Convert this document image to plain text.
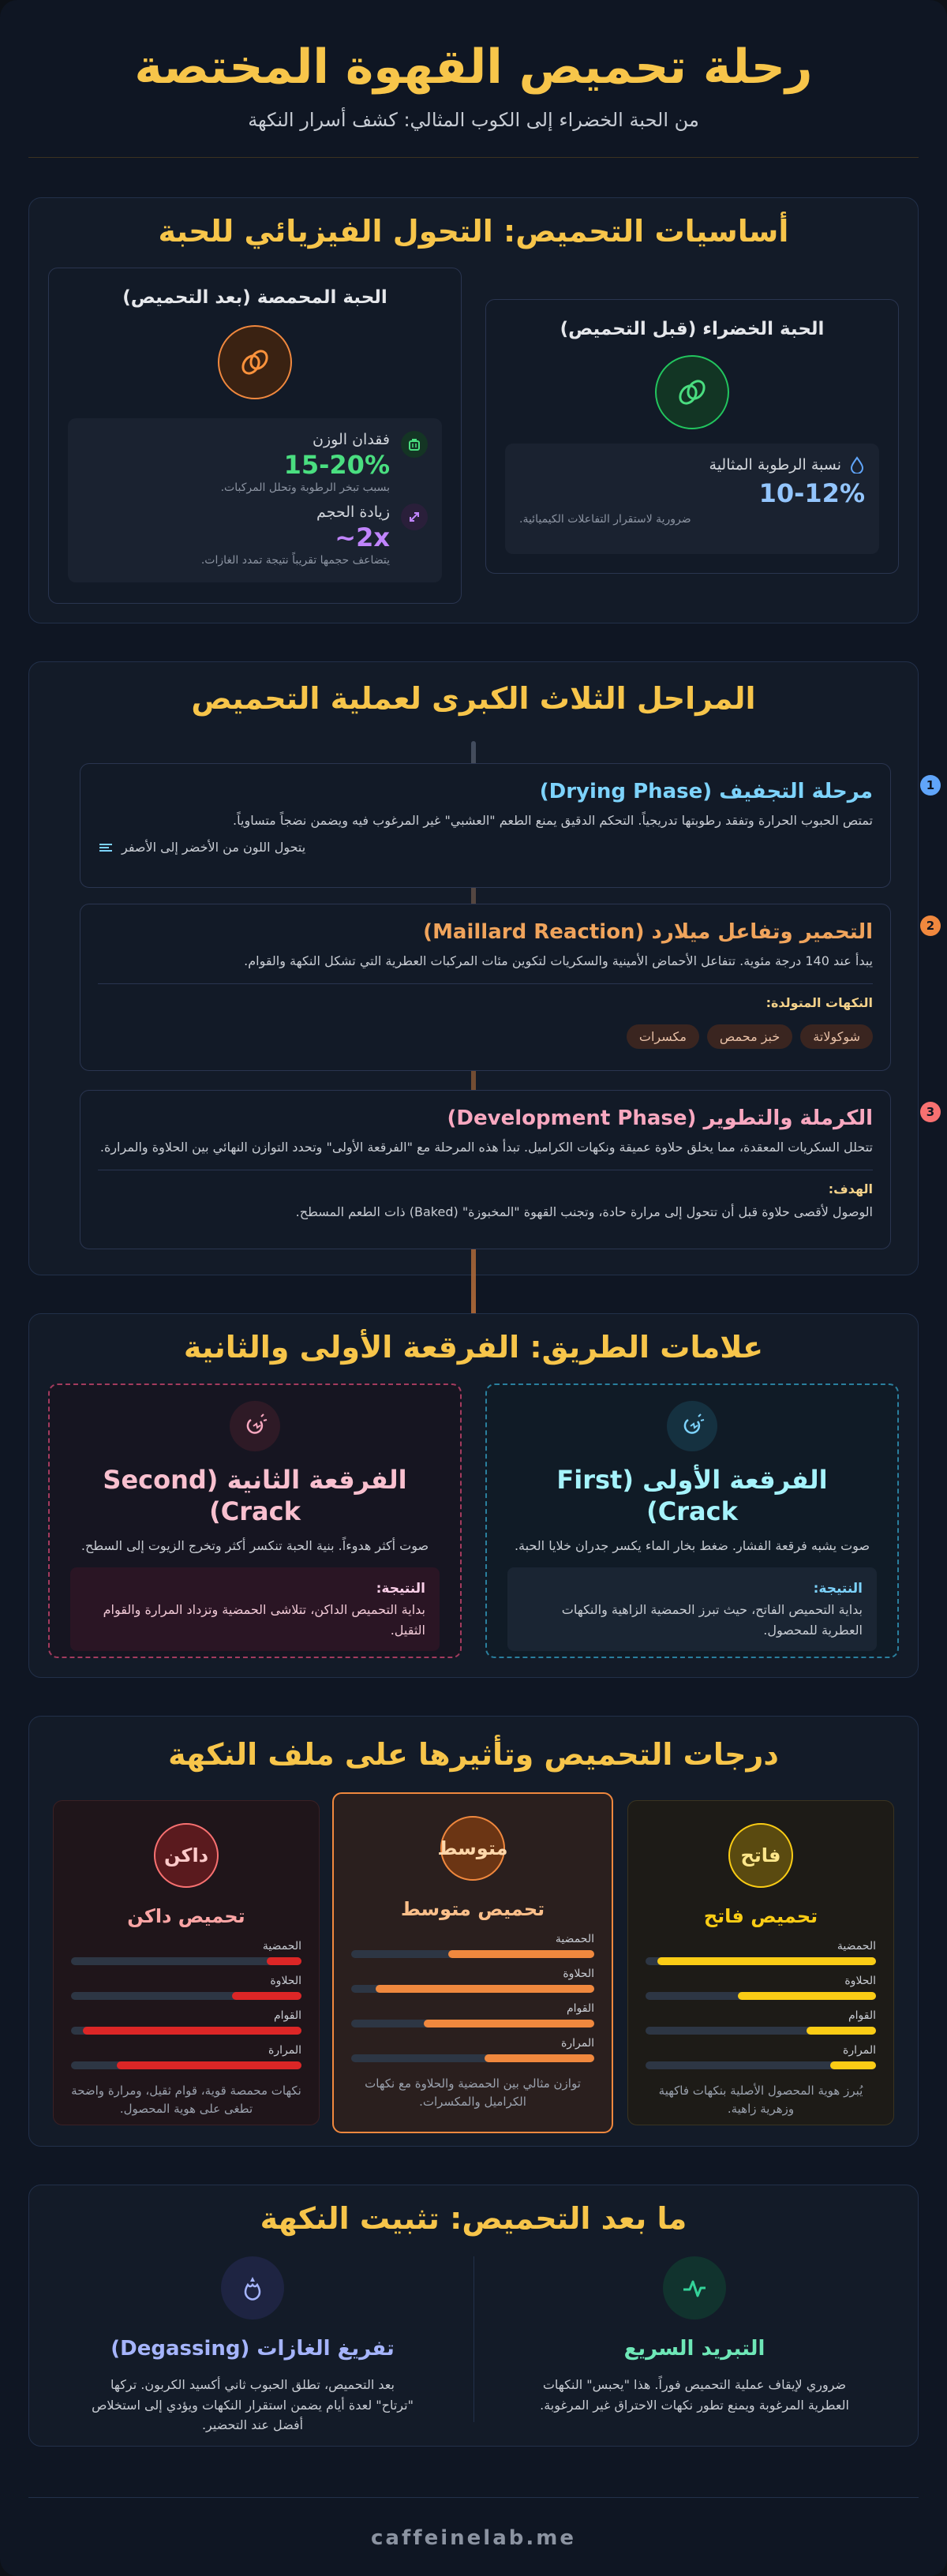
رحلة تحميص القهوة المختصة

من الحبة الخضراء إلى الكوب المثالي: كشف أسرار النكهة

أساسيات التحميص: التحول الفيزيائي للحبة
الحبة الخضراء (قبل التحميص)
نسبة الرطوبة المثالية
10-12%
ضرورية لاستقرار التفاعلات الكيميائية.
الحبة المحمصة (بعد التحميص)
فقدان الوزن
15-20%
بسبب تبخر الرطوبة وتحلل المركبات.
زيادة الحجم
~2x
يتضاعف حجمها تقريباً نتيجة تمدد الغازات.
المراحل الثلاث الكبرى لعملية التحميص
1
مرحلة التجفيف (Drying Phase)

تمتص الحبوب الحرارة وتفقد رطوبتها تدريجياً. التحكم الدقيق يمنع الطعم "العشبي" غير المرغوب فيه ويضمن نضجاً متساوياً.

يتحول اللون من الأخضر إلى الأصفر
2
التحمير وتفاعل ميلارد (Maillard Reaction)

يبدأ عند 140 درجة مئوية. تتفاعل الأحماض الأمينية والسكريات لتكوين مئات المركبات العطرية التي تشكل النكهة والقوام.

النكهات المتولدة:
شوكولاتةخبز محمصمكسرات
3
الكرملة والتطوير (Development Phase)

تتحلل السكريات المعقدة، مما يخلق حلاوة عميقة ونكهات الكراميل. تبدأ هذه المرحلة مع "الفرقعة الأولى" وتحدد التوازن النهائي بين الحلاوة والمرارة.

الهدف:

الوصول لأقصى حلاوة قبل أن تتحول إلى مرارة حادة، وتجنب القهوة "المخبوزة" (Baked) ذات الطعم المسطح.

علامات الطريق: الفرقعة الأولى والثانية
الفرقعة الأولى (First Crack)

صوت يشبه فرقعة الفشار. ضغط بخار الماء يكسر جدران خلايا الحبة.

النتيجة:
بداية التحميص الفاتح، حيث تبرز الحمضية الزاهية والنكهات العطرية للمحصول.
الفرقعة الثانية (Second Crack)

صوت أكثر هدوءاً. بنية الحبة تنكسر أكثر وتخرج الزيوت إلى السطح.

النتيجة:
بداية التحميص الداكن، تتلاشى الحمضية وتزداد المرارة والقوام الثقيل.
درجات التحميص وتأثيرها على ملف النكهة
فاتح
تحميص فاتح
الحمضية
الحلاوة
القوام
المرارة
يُبرز هوية المحصول الأصلية بنكهات فاكهية وزهرية زاهية.
متوسط
تحميص متوسط
الحمضية
الحلاوة
القوام
المرارة
توازن مثالي بين الحمضية والحلاوة مع نكهات الكراميل والمكسرات.
داكن
تحميص داكن
الحمضية
الحلاوة
القوام
المرارة
نكهات محمصة قوية، قوام ثقيل، ومرارة واضحة تطغى على هوية المحصول.
ما بعد التحميص: تثبيت النكهة
التبريد السريع

ضروري لإيقاف عملية التحميص فوراً. هذا "يحبس" النكهات العطرية المرغوبة ويمنع تطور نكهات الاحتراق غير المرغوبة.

تفريغ الغازات (Degassing)

بعد التحميص، تطلق الحبوب ثاني أكسيد الكربون. تركها "ترتاح" لعدة أيام يضمن استقرار النكهات ويؤدي إلى استخلاص أفضل عند التحضير.

caffeinelab.me
